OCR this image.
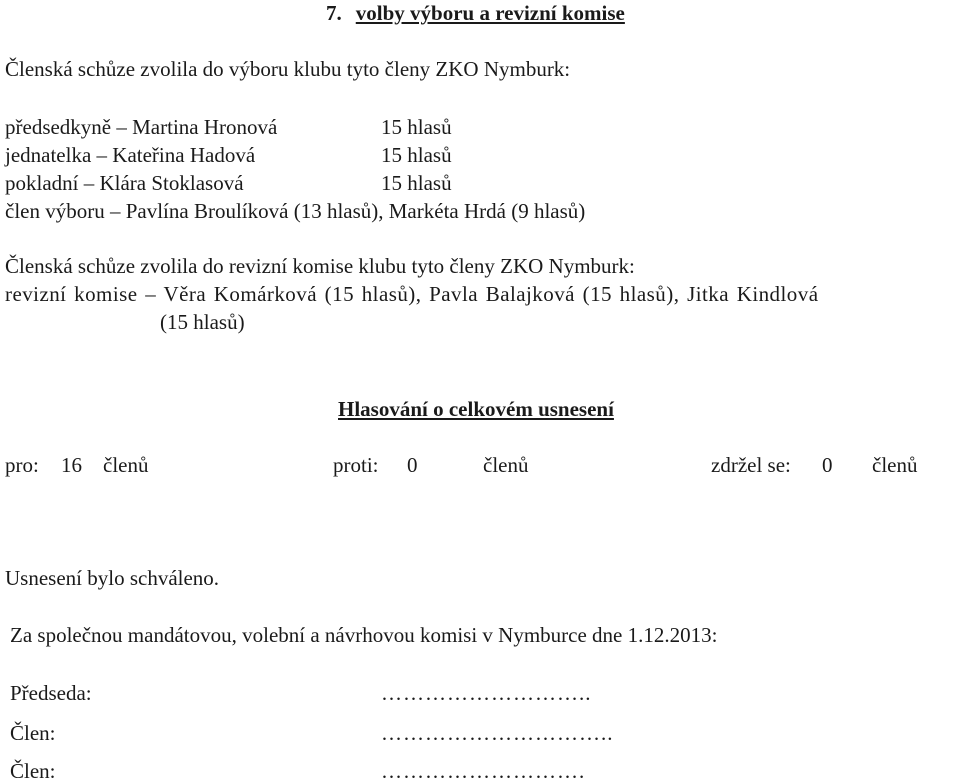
7. volby výboru a revizní komise
Členská schůze zvolila do výboru klubu tyto členy ZKO Nymburk:
předsedkyně – Martina Hronová	15 hlasů
jednatelka – Kateřina Hadová	15 hlasů
pokladní – Klára Stoklasová	15 hlasů
člen výboru – Pavlína Broulíková (13 hlasů), Markéta Hrdá (9 hlasů)
Členská schůze zvolila do revizní komise klubu tyto členy ZKO Nymburk:
revizní komise – Věra Komárková (15 hlasů), Pavla Balajková (15 hlasů), Jitka Kindlová
(15 hlasů)
Hlasování o celkovém usnesení
pro: 16 členů	proti: 0	členů	zdržel se: 0 členů
Usnesení bylo schváleno.
Za společnou mandátovou, volební a návrhovou komisi v Nymburce dne 1.12.2013:
Předseda:	………………………..
Člen:	…………………………..
Člen:	……………………….
